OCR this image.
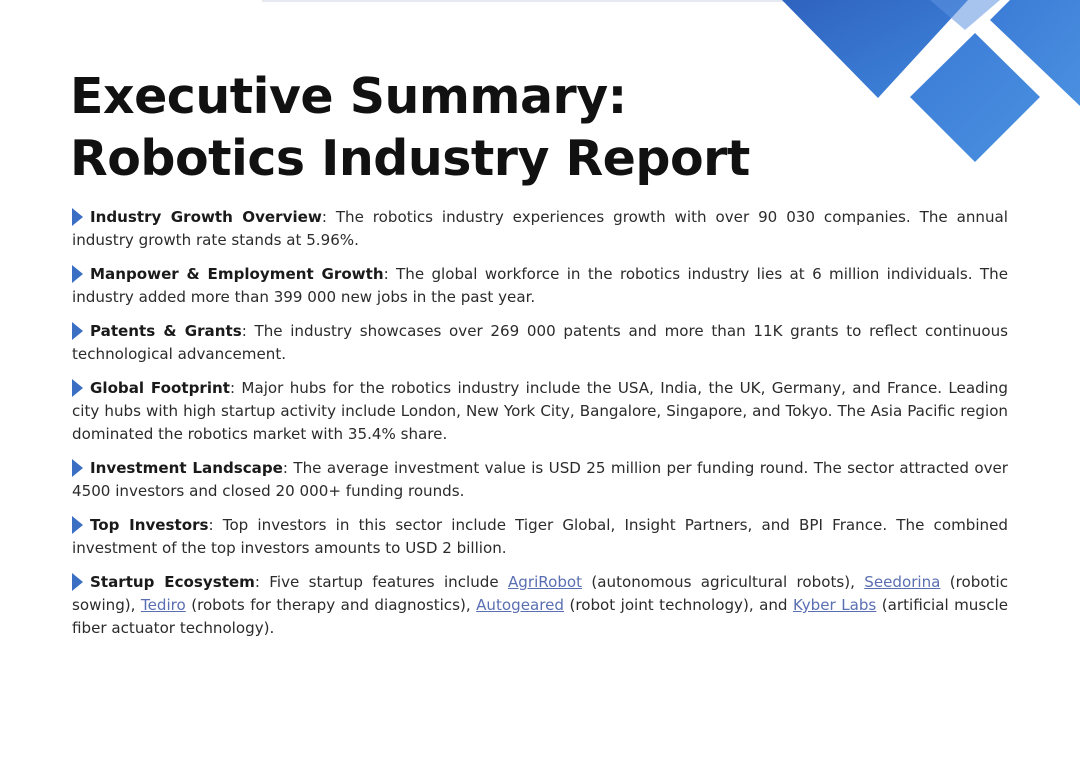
Executive Summary:
Robotics Industry Report
Industry Growth Overview: The robotics industry experiences growth with over 90 030 companies. The annual industry growth rate stands at 5.96%.
Manpower & Employment Growth: The global workforce in the robotics industry lies at 6 million individuals. The industry added more than 399 000 new jobs in the past year.
Patents & Grants: The industry showcases over 269 000 patents and more than 11K grants to reflect continuous technological advancement.
Global Footprint: Major hubs for the robotics industry include the USA, India, the UK, Germany, and France. Leading city hubs with high startup activity include London, New York City, Bangalore, Singapore, and Tokyo. The Asia Pacific region dominated the robotics market with 35.4% share.
Investment Landscape: The average investment value is USD 25 million per funding round. The sector attracted over 4500 investors and closed 20 000+ funding rounds.
Top Investors: Top investors in this sector include Tiger Global, Insight Partners, and BPI France. The combined investment of the top investors amounts to USD 2 billion.
Startup Ecosystem: Five startup features include AgriRobot (autonomous agricultural robots), Seedorina (robotic sowing), Tediro (robots for therapy and diagnostics), Autogeared (robot joint technology), and Kyber Labs (artificial muscle fiber actuator technology).
